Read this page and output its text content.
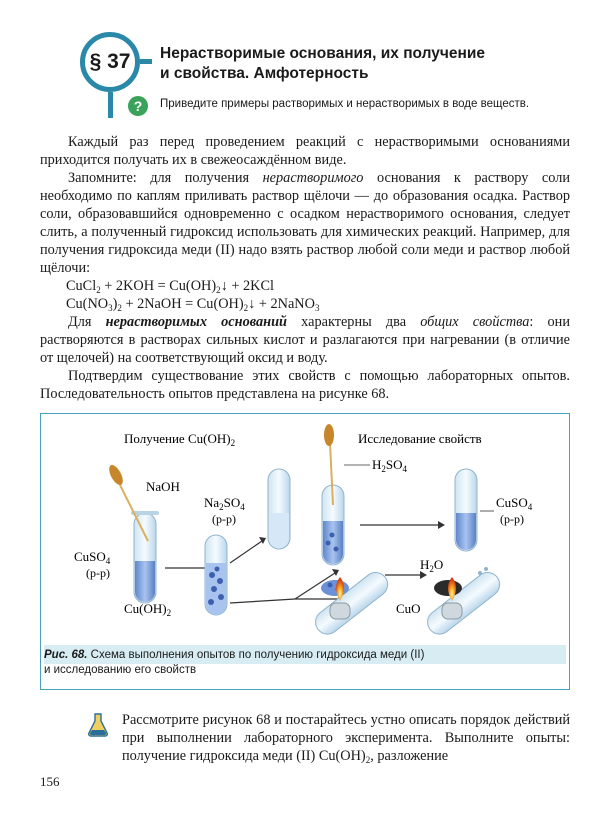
§ 37 Нерастворимые основания, их получение
и свойства. Амфотерность
?	Приведите примеры растворимых и нерастворимых в воде веществ.
Каждый раз перед проведением реакций с нерастворимыми основаниями приходится получать их в свежеосаждённом виде.
Запомните: для получения нерастворимого основания к раствору соли необходимо по каплям приливать раствор щёлочи — до образования осадка. Раствор соли, образовавшийся одновременно с осадком нерастворимого основания, следует слить, а полученный гидроксид использовать для химических реакций. Например, для получения гидроксида меди (II) надо взять раствор любой соли меди и раствор любой щёлочи:
CuCl$_2$ + $2KOH = Cu(OH)_2↓ + 2KCl$
$Cu(NO_3)_2$ + 2NaOH = $Cu(OH)_2↓$ + 2NaNO$_3$
Для нерастворимых оснований характерны два общих свойства: они растворяются в растворах сильных кислот и разлагаются при нагревании (в отличие от щелочей) на соответствующий оксид и воду.
Подтвердим существование этих свойств с помощью лабораторных опытов. Последовательность опытов представлена на рисунке 68.
Получение $Cu(OH)_2$	Исследование свойств
NaOH
CuSO$_4$
(р-р)
$Cu(OH)_2$
$Na_2SO_4$
(р-р)
$H_2SO_4$
CuSO$_4$
(р-р)
$H_2O$
CuO
Рис. 68. Схема выполнения опытов по получению гидроксида меди (II)
и исследованию его свойств
Рассмотрите рисунок 68 и постарайтесь устно описать порядок действий при выполнении лабораторного эксперимента. Выполните опыты: получение гидроксида меди (II) $Cu(OH)_2$, разложение
156
